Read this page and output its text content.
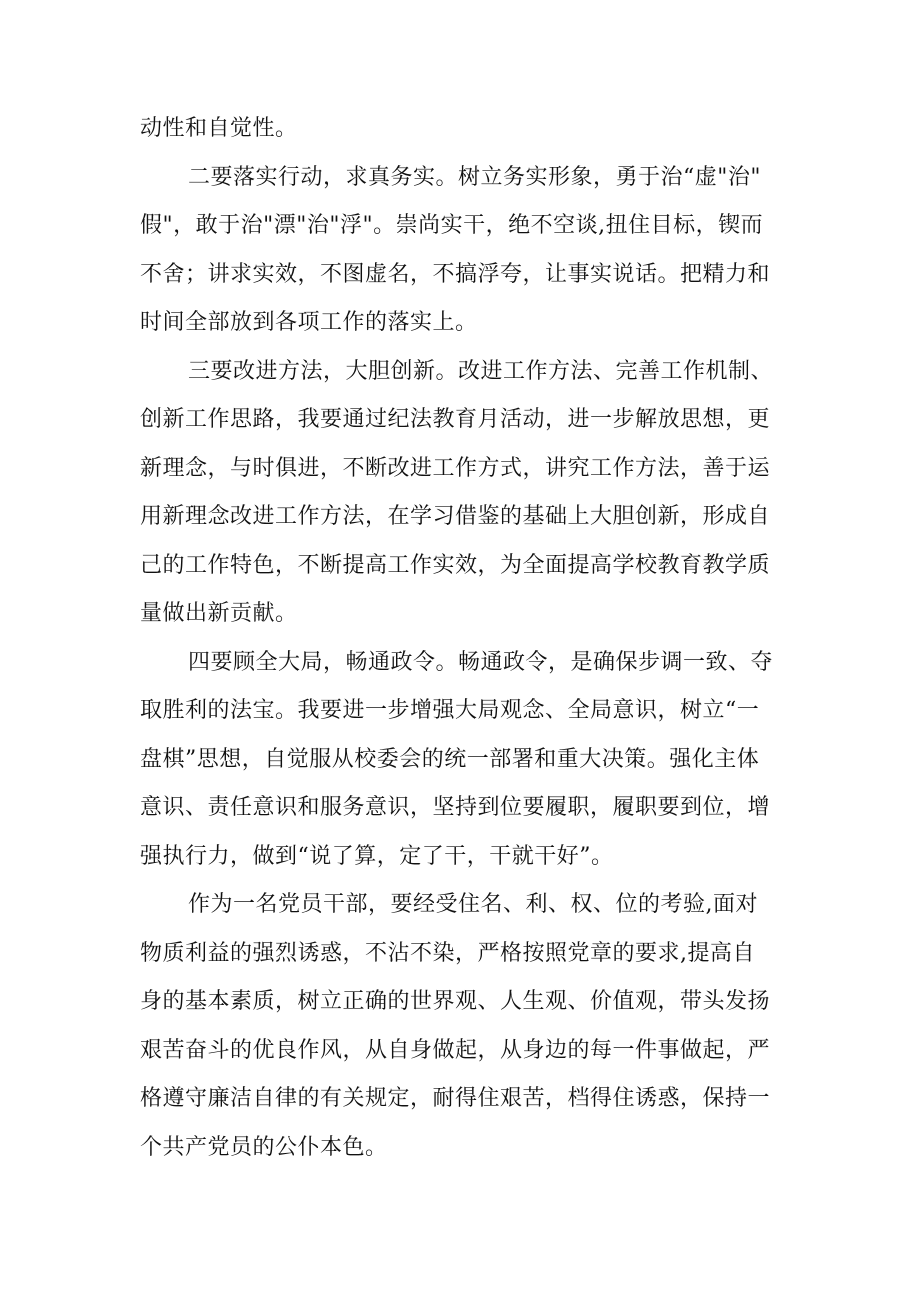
动性和自觉性。
二要落实行动，求真务实。树立务实形象，勇于治“虚"治"
假"，敢于治"漂"治"浮"。崇尚实干，绝不空谈,扭住目标，锲而
不舍；讲求实效，不图虚名，不搞浮夸，让事实说话。把精力和
时间全部放到各项工作的落实上。
三要改进方法，大胆创新。改进工作方法、完善工作机制、
创新工作思路，我要通过纪法教育月活动，进一步解放思想，更
新理念，与时俱进，不断改进工作方式，讲究工作方法，善于运
用新理念改进工作方法，在学习借鉴的基础上大胆创新，形成自
己的工作特色，不断提高工作实效，为全面提高学校教育教学质
量做出新贡献。
四要顾全大局，畅通政令。畅通政令，是确保步调一致、夺
取胜利的法宝。我要进一步增强大局观念、全局意识，树立“一
盘棋”思想，自觉服从校委会的统一部署和重大决策。强化主体
意识、责任意识和服务意识，坚持到位要履职，履职要到位，增
强执行力，做到“说了算，定了干，干就干好”。
作为一名党员干部，要经受住名、利、权、位的考验,面对
物质利益的强烈诱惑，不沾不染，严格按照党章的要求,提高自
身的基本素质，树立正确的世界观、人生观、价值观，带头发扬
艰苦奋斗的优良作风，从自身做起，从身边的每一件事做起，严
格遵守廉洁自律的有关规定，耐得住艰苦，档得住诱惑，保持一
个共产党员的公仆本色。
